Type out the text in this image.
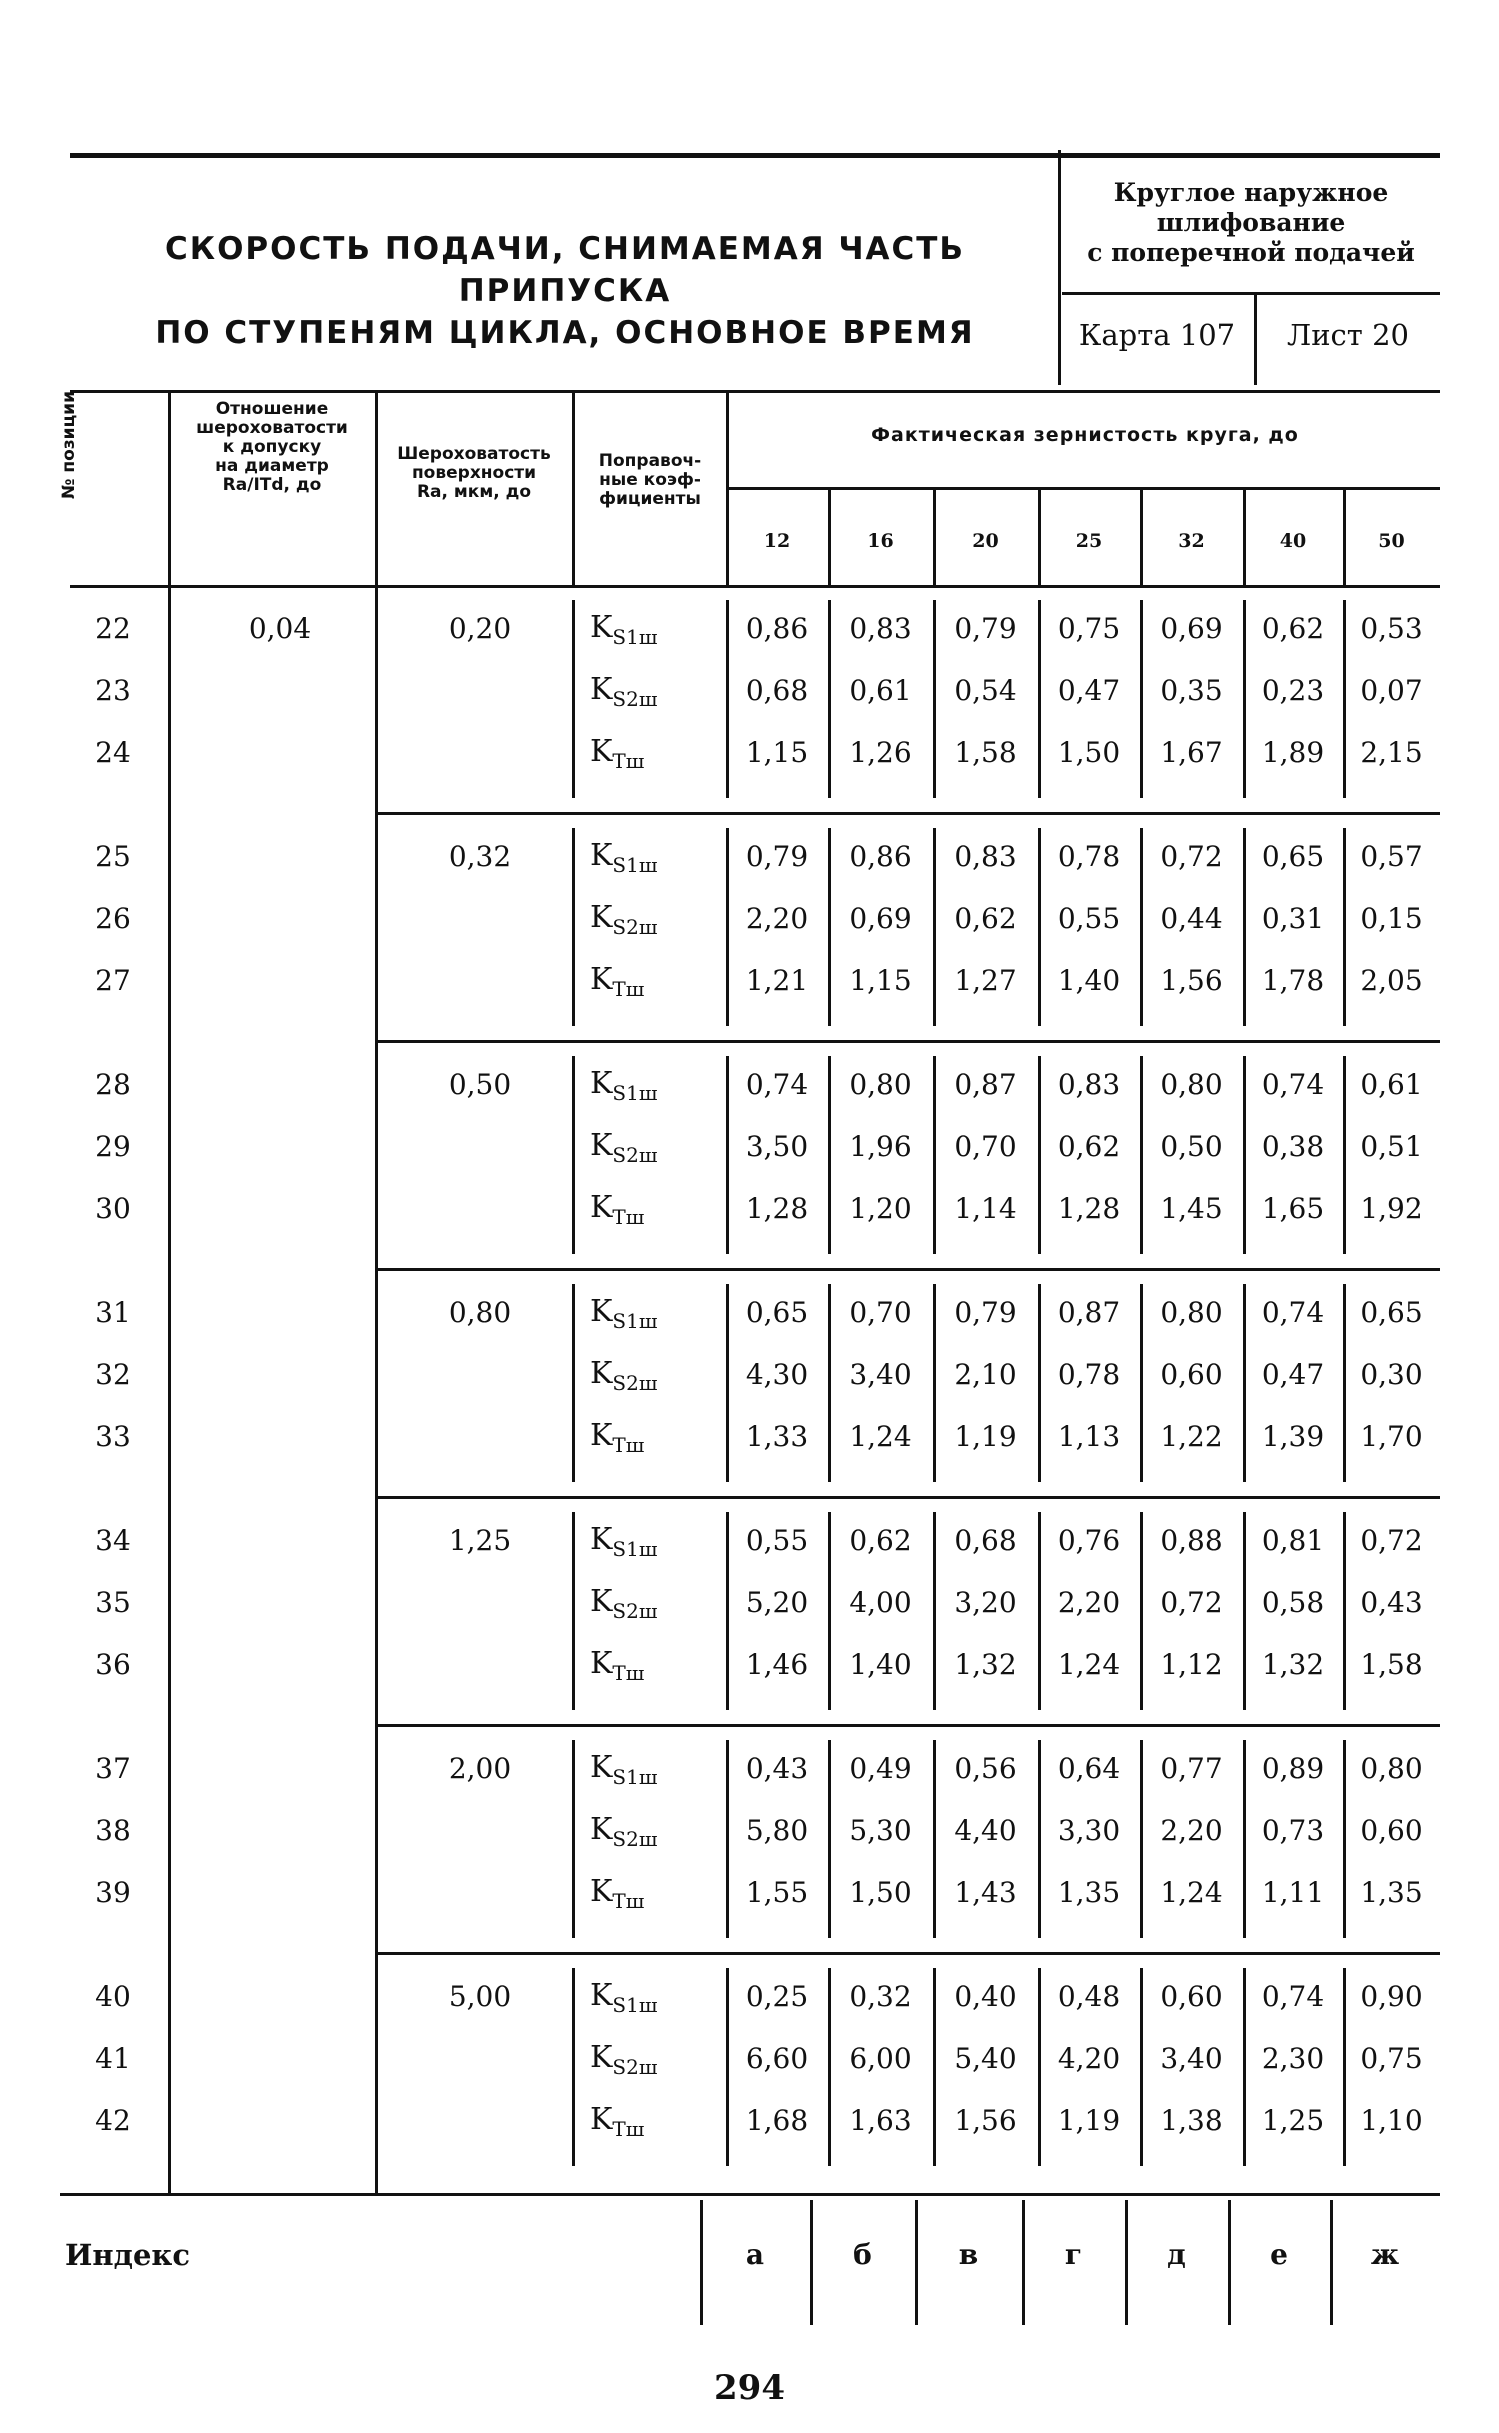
СКОРОСТЬ ПОДАЧИ, СНИМАЕМАЯ ЧАСТЬ ПРИПУСКА
ПО СТУПЕНЯМ ЦИКЛА, ОСНОВНОЕ ВРЕМЯ
Круглое наружное
шлифование
с поперечной подачей
Карта 107	Лист 20
№ позиции	Отношение
шероховатости
к допуску
на диаметр
Ra/ITd, до
Шероховатость
поверхности
Ra, мкм, до
Поправоч-
ные коэф-
фициенты
Фактическая зернистость круга, до
12	16	20	25	32	40	50
0,04	0,20
22	$K_{S1ш}$	0,86	0,83	0,79	0,75	0,69	0,62	0,53
23	$K_{S2ш}$	0,68	0,61	0,54	0,47	0,35	0,23	0,07
24	$K_{Tш}$	1,15	1,26	1,58	1,50	1,67	1,89	2,15
0,32
25	$K_{S1ш}$	0,79	0,86	0,83	0,78	0,72	0,65	0,57
26	$K_{S2ш}$	2,20	0,69	0,62	0,55	0,44	0,31	0,15
27	$K_{Tш}$	1,21	1,15	1,27	1,40	1,56	1,78	2,05
0,50
28	$K_{S1ш}$	0,74	0,80	0,87	0,83	0,80	0,74	0,61
29	$K_{S2ш}$	3,50	1,96	0,70	0,62	0,50	0,38	0,51
30	$K_{Tш}$	1,28	1,20	1,14	1,28	1,45	1,65	1,92
0,80
31	$K_{S1ш}$	0,65	0,70	0,79	0,87	0,80	0,74	0,65
32	$K_{S2ш}$	4,30	3,40	2,10	0,78	0,60	0,47	0,30
33	$K_{Tш}$	1,33	1,24	1,19	1,13	1,22	1,39	1,70
1,25
34	$K_{S1ш}$	0,55	0,62	0,68	0,76	0,88	0,81	0,72
35	$K_{S2ш}$	5,20	4,00	3,20	2,20	0,72	0,58	0,43
36	$K_{Tш}$	1,46	1,40	1,32	1,24	1,12	1,32	1,58
2,00
37	$K_{S1ш}$	0,43	0,49	0,56	0,64	0,77	0,89	0,80
38	$K_{S2ш}$	5,80	5,30	4,40	3,30	2,20	0,73	0,60
39	$K_{Tш}$	1,55	1,50	1,43	1,35	1,24	1,11	1,35
5,00
40	$K_{S1ш}$	0,25	0,32	0,40	0,48	0,60	0,74	0,90
41	$K_{S2ш}$	6,60	6,00	5,40	4,20	3,40	2,30	0,75
42	$K_{Tш}$	1,68	1,63	1,56	1,19	1,38	1,25	1,10
Индекс	а	б	в	г	д	е	ж
294
